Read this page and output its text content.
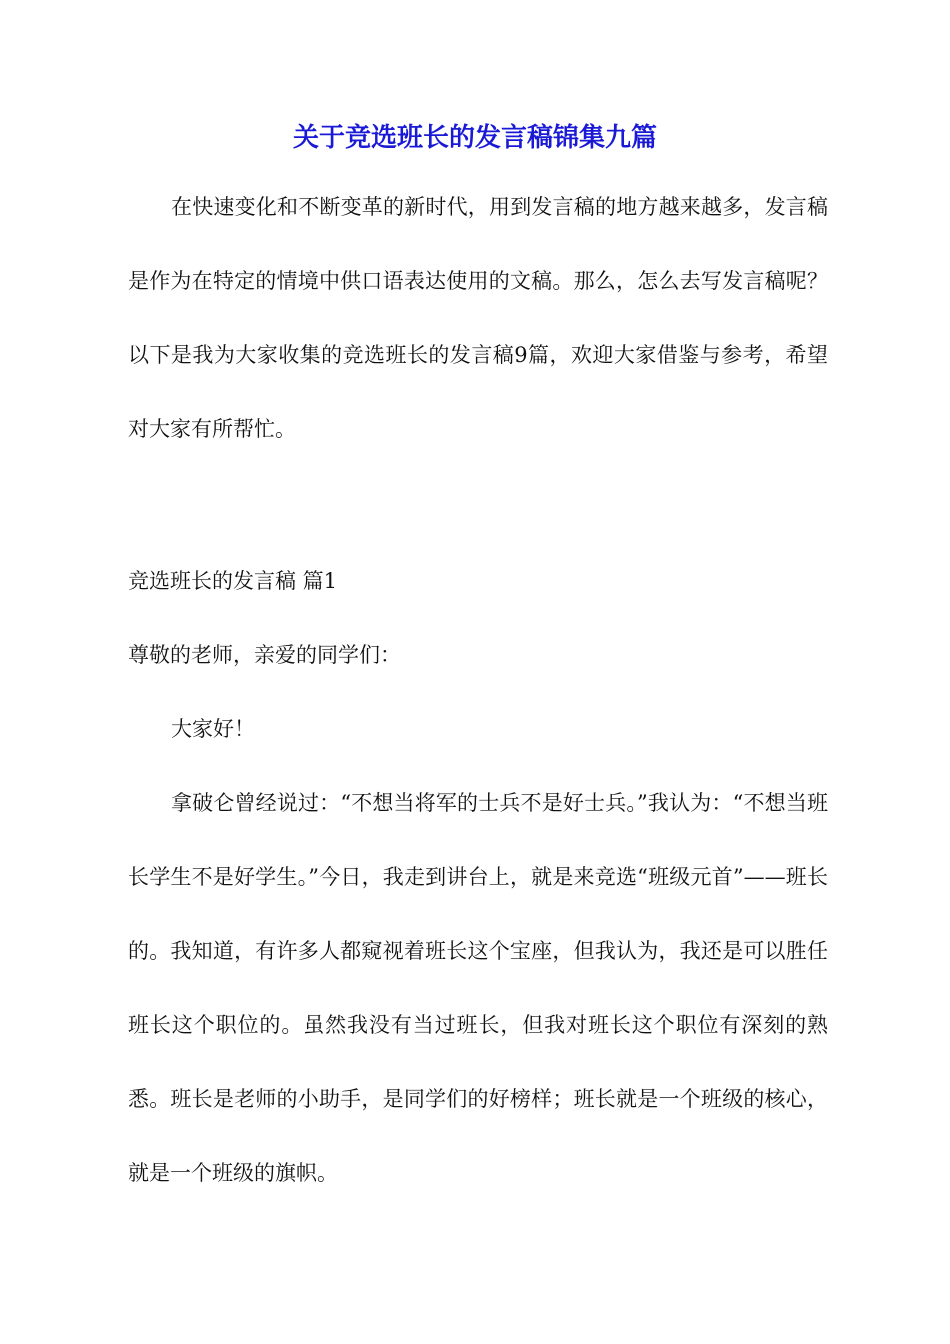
关于竞选班长的发言稿锦集九篇

在快速变化和不断变革的新时代，用到发言稿的地方越来越多，发言稿是作为在特定的情境中供口语表达使用的文稿。那么，怎么去写发言稿呢？以下是我为大家收集的竞选班长的发言稿9篇，欢迎大家借鉴与参考，希望对大家有所帮忙。

竞选班长的发言稿 篇1

尊敬的老师，亲爱的同学们：

大家好！

拿破仑曾经说过：“不想当将军的士兵不是好士兵。”我认为：“不想当班长学生不是好学生。”今日，我走到讲台上，就是来竞选“班级元首”——班长的。我知道，有许多人都窥视着班长这个宝座，但我认为，我还是可以胜任班长这个职位的。虽然我没有当过班长，但我对班长这个职位有深刻的熟悉。班长是老师的小助手，是同学们的好榜样；班长就是一个班级的核心，就是一个班级的旗帜。
